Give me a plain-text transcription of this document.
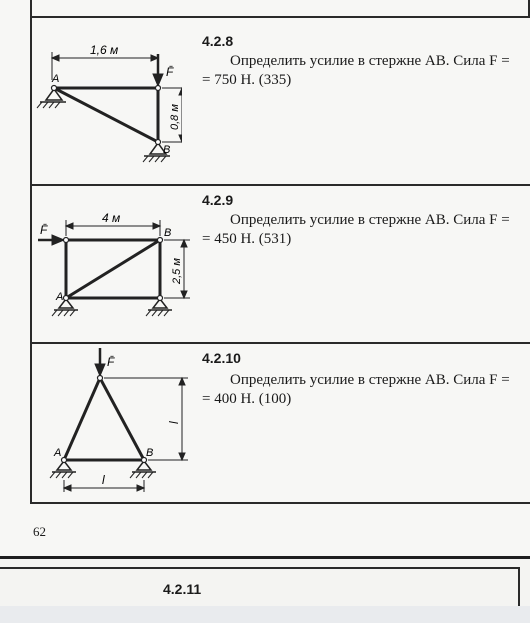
1,6 м
A	F̄
B
0,8 м
4.2.8
Определить усилие в стержне AB. Сила F =
= 750 Н. (335)
4 м
F̄	B
A
2,5 м
4.2.9
Определить усилие в стержне AB. Сила F =
= 450 Н. (531)
F̄
A	B
l
l
4.2.10
Определить усилие в стержне AB. Сила F =
= 400 Н. (100)
62
4.2.11
